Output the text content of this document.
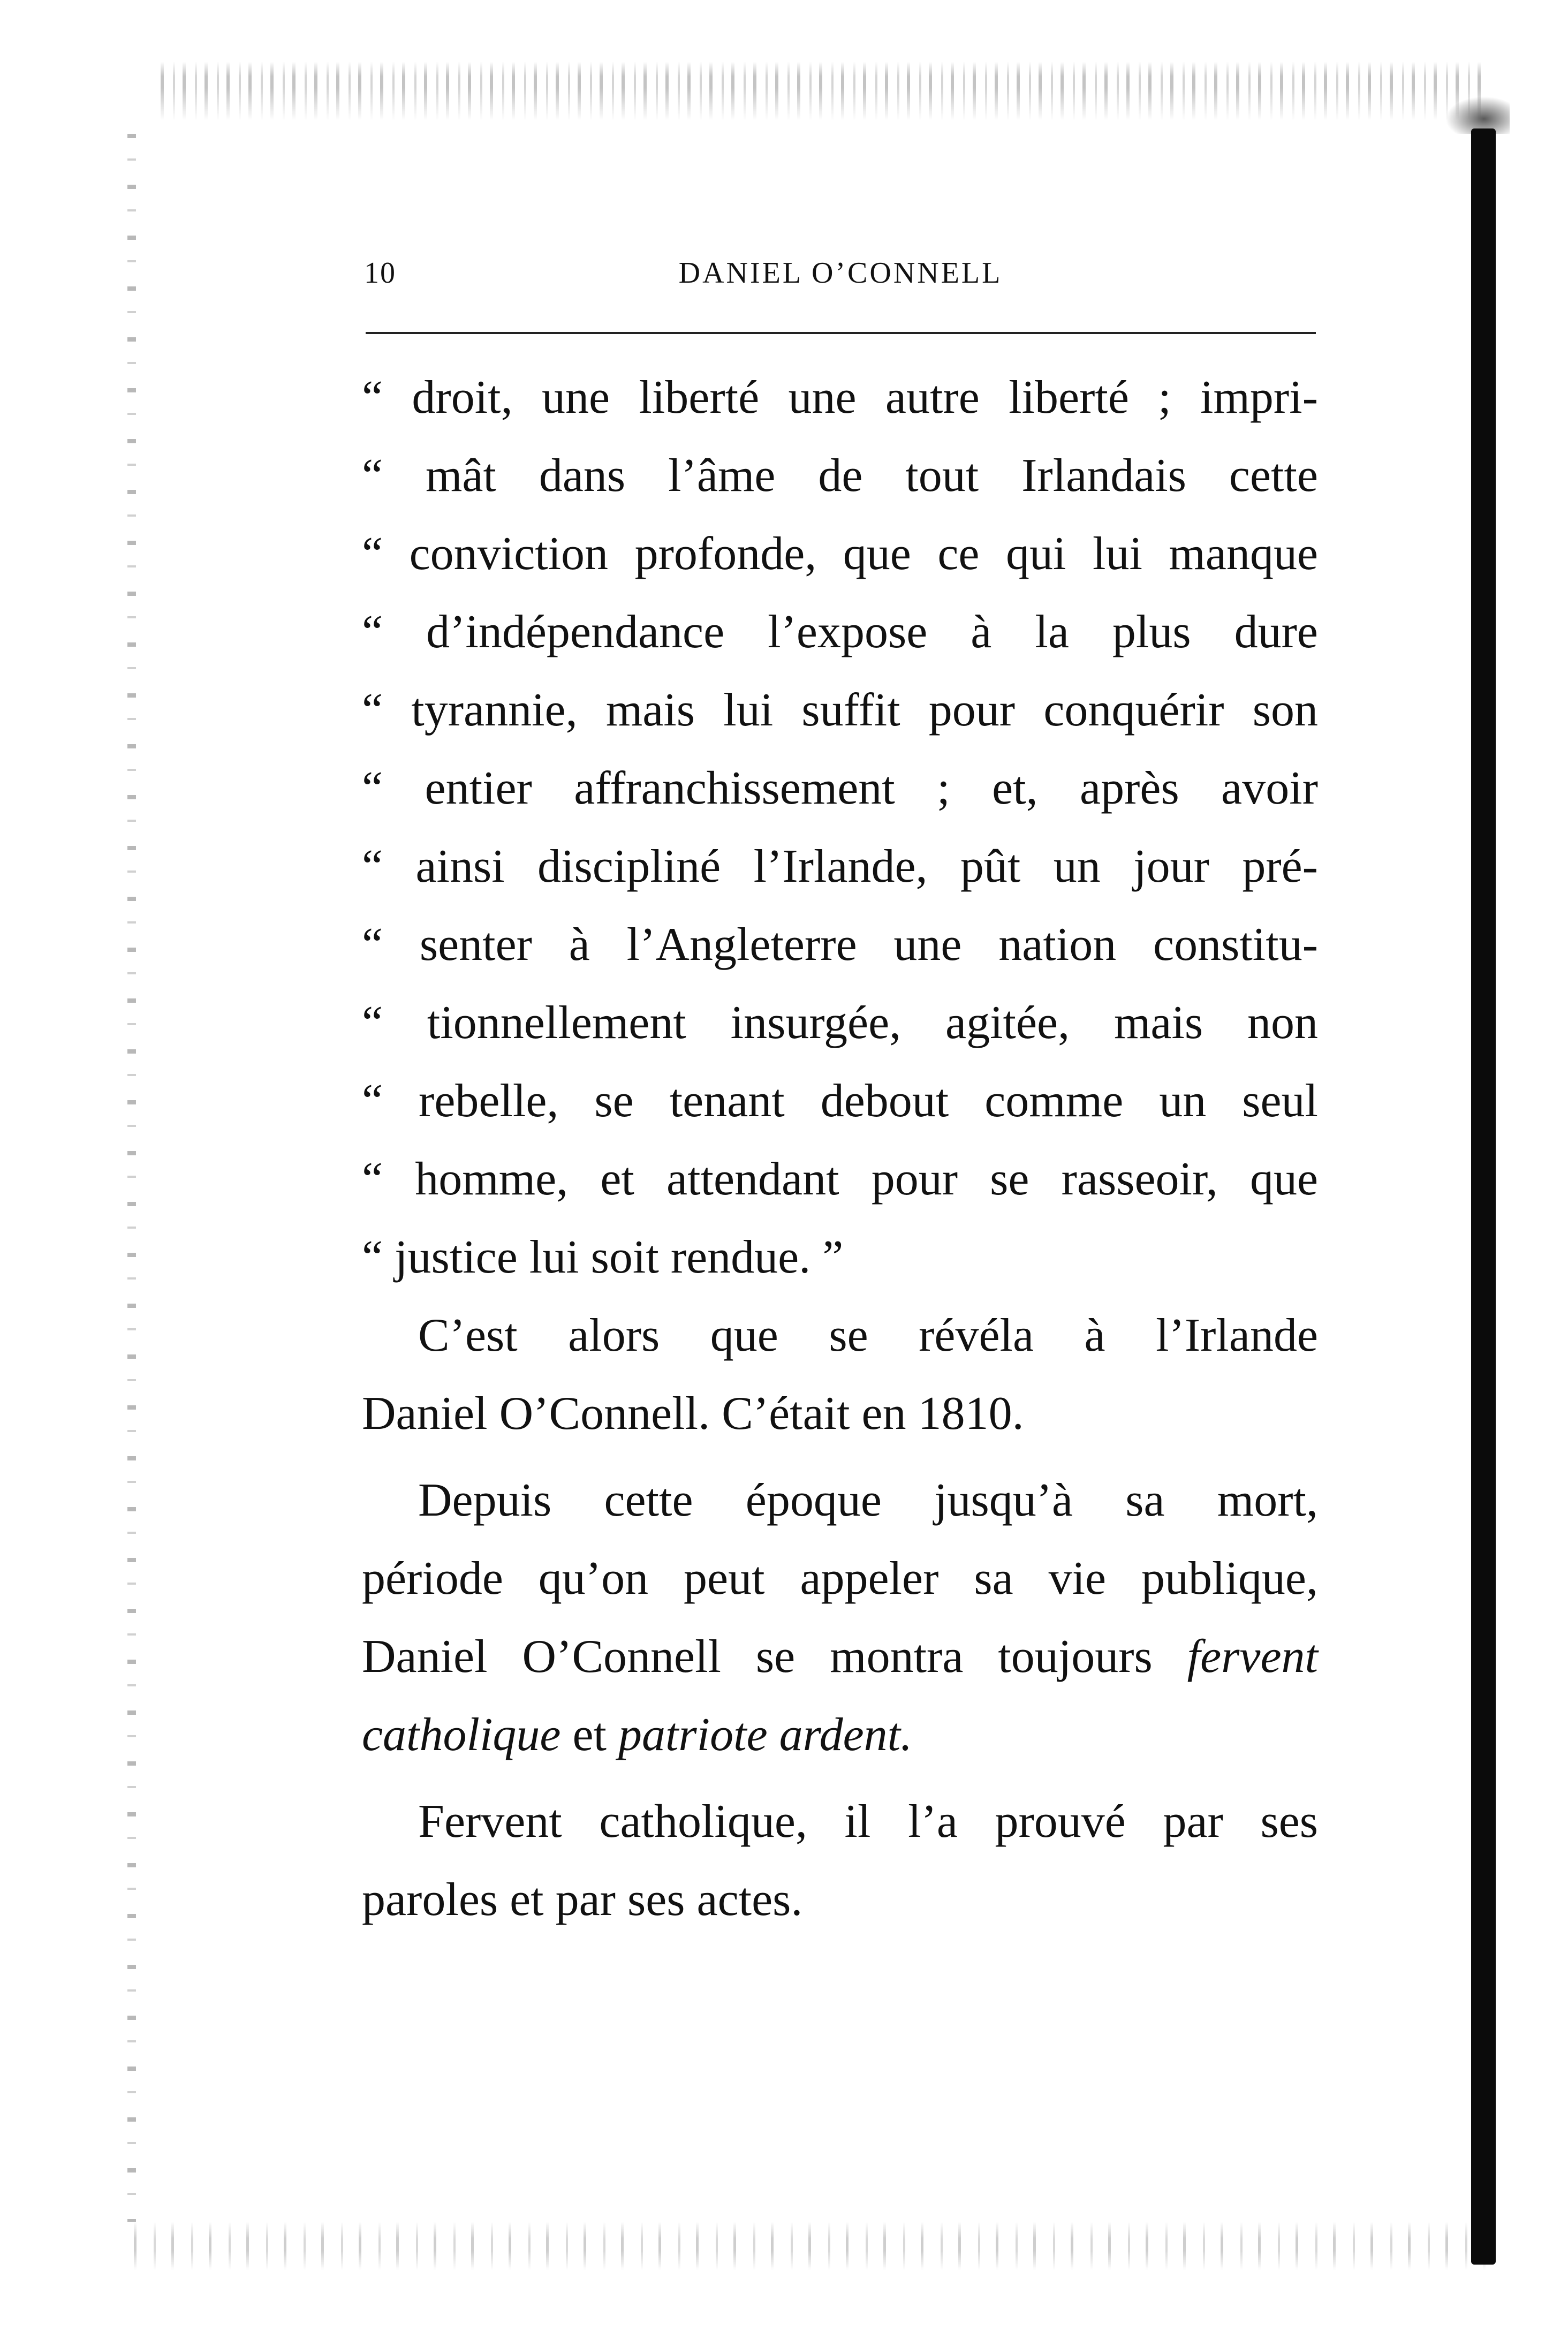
10	DANIEL O’CONNELL
“ droit, une liberté une autre liberté ; impri-
“ mât dans l’âme de tout Irlandais cette
“ conviction profonde, que ce qui lui manque
“ d’indépendance l’expose à la plus dure
“ tyrannie, mais lui suffit pour conquérir son
“ entier affranchissement ; et, après avoir
“ ainsi discipliné l’Irlande, pût un jour pré-
“ senter à l’Angleterre une nation constitu-
“ tionnellement insurgée, agitée, mais non
“ rebelle, se tenant debout comme un seul
“ homme, et attendant pour se rasseoir, que
“ justice lui soit rendue. ”
C’est alors que se révéla à l’Irlande
Daniel O’Connell. C’était en 1810.
Depuis cette époque jusqu’à sa mort,
période qu’on peut appeler sa vie publique,
Daniel O’Connell se montra toujours fervent
catholique et patriote ardent.
Fervent catholique, il l’a prouvé par ses
paroles et par ses actes.
